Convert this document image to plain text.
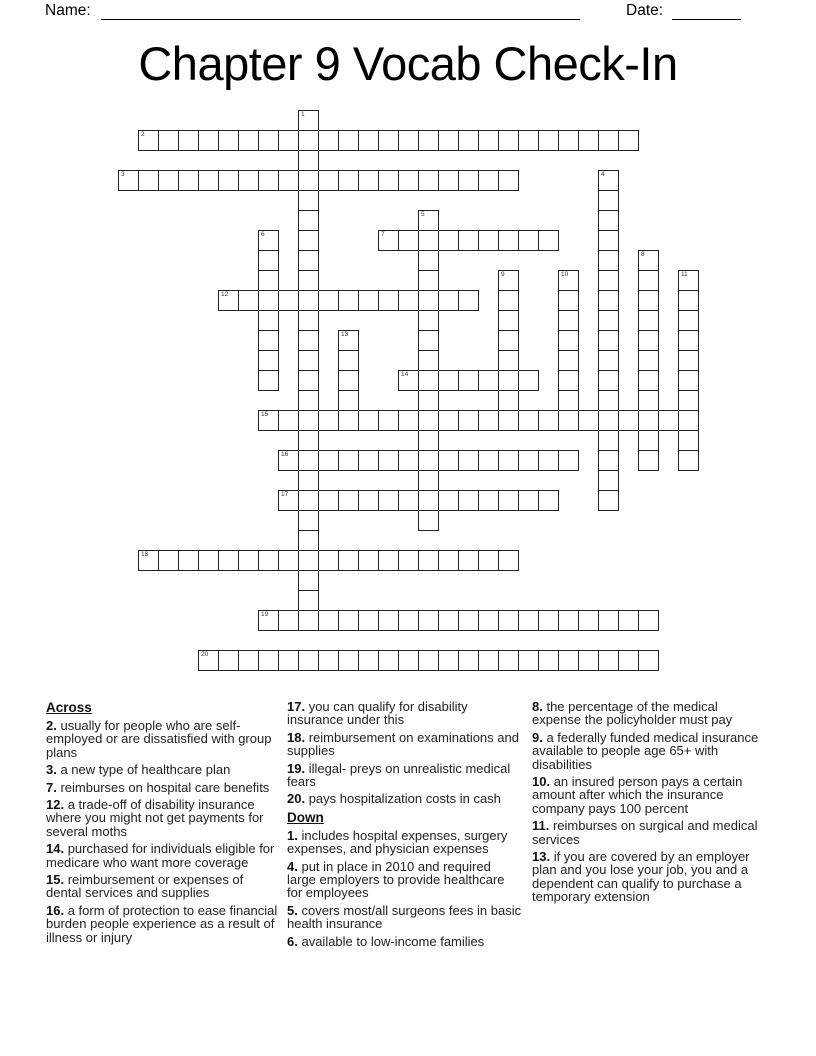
Name:	Date:
Chapter 9 Vocab Check-In
1
2
3	4
5
6	7
8
9	10	11
12
13
14
15
16
17
18
19
20
Across

2. usually for people who are self-employed or are dissatisfied with group plans

3. a new type of healthcare plan

7. reimburses on hospital care benefits

12. a trade-off of disability insurance where you might not get payments for several moths

14. purchased for individuals eligible for medicare who want more coverage

15. reimbursement or expenses of dental services and supplies

16. a form of protection to ease financial burden people experience as a result of illness or injury

17. you can qualify for disability insurance under this

18. reimbursement on examinations and supplies

19. illegal- preys on unrealistic medical fears

20. pays hospitalization costs in cash

Down

1. includes hospital expenses, surgery expenses, and physician expenses

4. put in place in 2010 and required large employers to provide healthcare for employees

5. covers most/all surgeons fees in basic health insurance

6. available to low-income families

8. the percentage of the medical expense the policyholder must pay

9. a federally funded medical insurance available to people age 65+ with disabilities

10. an insured person pays a certain amount after which the insurance company pays 100 percent

11. reimburses on surgical and medical services

13. if you are covered by an employer plan and you lose your job, you and a dependent can qualify to purchase a temporary extension
